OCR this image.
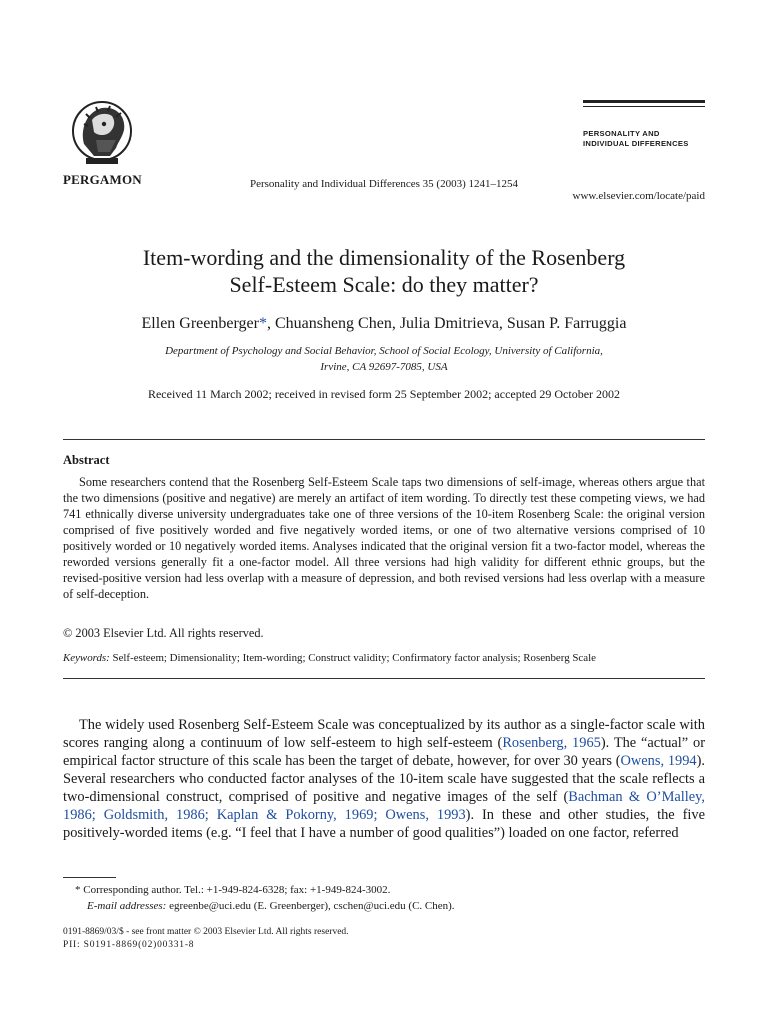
PERGAMON	Personality and Individual Differences 35 (2003) 1241–1254
PERSONALITY AND
INDIVIDUAL DIFFERENCES
www.elsevier.com/locate/paid
Item-wording and the dimensionality of the Rosenberg
Self-Esteem Scale: do they matter?
Ellen Greenberger*, Chuansheng Chen, Julia Dmitrieva, Susan P. Farruggia
Department of Psychology and Social Behavior, School of Social Ecology, University of California,
Irvine, CA 92697-7085, USA
Received 11 March 2002; received in revised form 25 September 2002; accepted 29 October 2002
Abstract
Some researchers contend that the Rosenberg Self-Esteem Scale taps two dimensions of self-image, whereas others argue that the two dimensions (positive and negative) are merely an artifact of item wording. To directly test these competing views, we had 741 ethnically diverse university undergraduates take one of three versions of the 10-item Rosenberg Scale: the original version comprised of five positively worded and five negatively worded items, or one of two alternative versions comprised of 10 positively worded or 10 negatively worded items. Analyses indicated that the original version fit a two-factor model, whereas the reworded versions generally fit a one-factor model. All three versions had high validity for different ethnic groups, but the revised-positive version had less overlap with a measure of depression, and both revised versions had less overlap with a measure of self-deception.
© 2003 Elsevier Ltd. All rights reserved.
Keywords: Self-esteem; Dimensionality; Item-wording; Construct validity; Confirmatory factor analysis; Rosenberg Scale
The widely used Rosenberg Self-Esteem Scale was conceptualized by its author as a single-factor scale with scores ranging along a continuum of low self-esteem to high self-esteem (Rosenberg, 1965). The “actual” or empirical factor structure of this scale has been the target of debate, however, for over 30 years (Owens, 1994). Several researchers who conducted factor analyses of the 10-item scale have suggested that the scale reflects a two-dimensional construct, comprised of positive and negative images of the self (Bachman & O’Malley, 1986; Goldsmith, 1986; Kaplan & Pokorny, 1969; Owens, 1993). In these and other studies, the five positively-worded items (e.g. “I feel that I have a number of good qualities”) loaded on one factor, referred
* Corresponding author. Tel.: +1-949-824-6328; fax: +1-949-824-3002.
E-mail addresses: egreenbe@uci.edu (E. Greenberger), cschen@uci.edu (C. Chen).
0191-8869/03/$ - see front matter © 2003 Elsevier Ltd. All rights reserved.
PII: S0191-8869(02)00331-8
